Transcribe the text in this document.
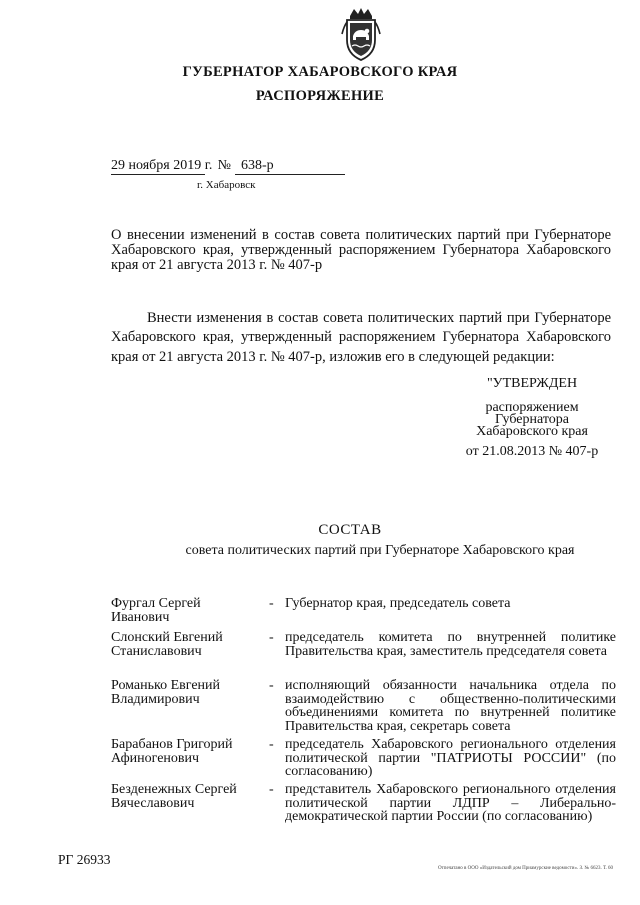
ГУБЕРНАТОР ХАБАРОВСКОГО КРАЯ
РАСПОРЯЖЕНИЕ
29 ноября 2019 г. № 638-р
г. Хабаровск
О внесении изменений в состав совета политических партий при Губернаторе Хабаровского края, утвержденный распоряжением Губернатора Хабаровского края от 21 августа 2013 г. № 407-р
Внести изменения в состав совета политических партий при Губернаторе Хабаровского края, утвержденный распоряжением Губернатора Хабаровского края от 21 августа 2013 г. № 407-р, изложив его в следующей редакции:
"УТВЕРЖДЕН
распоряжением
Губернатора
Хабаровского края
от 21.08.2013 № 407-р
СОСТАВ
совета политических партий при Губернаторе Хабаровского края
Фургал Сергей Иванович
- Губернатор края, председатель совета
Слонский Евгений Станиславович
- председатель комитета по внутренней политике Правительства края, заместитель председателя совета
Романько Евгений Владимирович
- исполняющий обязанности начальника отдела по взаимодействию с общественно-политическими объединениями комитета по внутренней политике Правительства края, секретарь совета
Барабанов Григорий Афиногенович
- председатель Хабаровского регионального отделения политической партии "ПАТРИОТЫ РОССИИ" (по согласованию)
Безденежных Сергей Вячеславович
- представитель Хабаровского регионального отделения политической партии ЛДПР – Либерально-демократической партии России (по согласованию)
РГ 26933
Отпечатано в ООО «Издательский дом Приамурские ведомости». З. № 6623. Т. 60
